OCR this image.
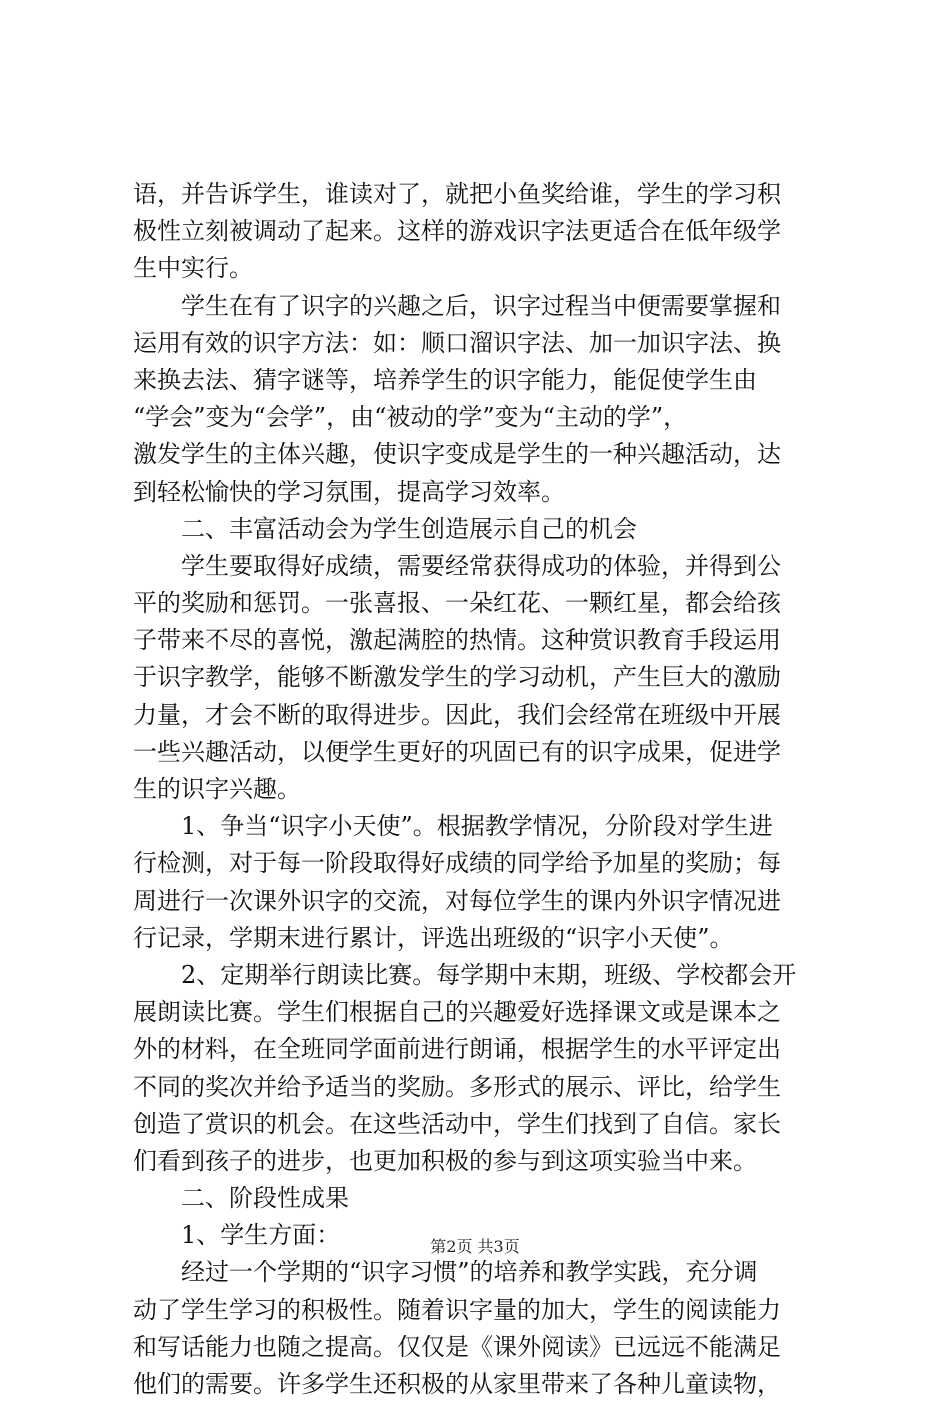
语，并告诉学生，谁读对了，就把小鱼奖给谁，学生的学习积
极性立刻被调动了起来。这样的游戏识字法更适合在低年级学
生中实行。
学生在有了识字的兴趣之后，识字过程当中便需要掌握和
运用有效的识字方法：如：顺口溜识字法、加一加识字法、换
来换去法、猜字谜等，培养学生的识字能力，能促使学生由
“学会”变为“会学”，由“被动的学”变为“主动的学”，
激发学生的主体兴趣，使识字变成是学生的一种兴趣活动，达
到轻松愉快的学习氛围，提高学习效率。
二、丰富活动会为学生创造展示自己的机会
学生要取得好成绩，需要经常获得成功的体验，并得到公
平的奖励和惩罚。一张喜报、一朵红花、一颗红星，都会给孩
子带来不尽的喜悦，激起满腔的热情。这种赏识教育手段运用
于识字教学，能够不断激发学生的学习动机，产生巨大的激励
力量，才会不断的取得进步。因此，我们会经常在班级中开展
一些兴趣活动，以便学生更好的巩固已有的识字成果，促进学
生的识字兴趣。
1、争当“识字小天使”。根据教学情况，分阶段对学生进
行检测，对于每一阶段取得好成绩的同学给予加星的奖励；每
周进行一次课外识字的交流，对每位学生的课内外识字情况进
行记录，学期末进行累计，评选出班级的“识字小天使”。
2、定期举行朗读比赛。每学期中末期，班级、学校都会开
展朗读比赛。学生们根据自己的兴趣爱好选择课文或是课本之
外的材料，在全班同学面前进行朗诵，根据学生的水平评定出
不同的奖次并给予适当的奖励。多形式的展示、评比，给学生
创造了赏识的机会。在这些活动中，学生们找到了自信。家长
们看到孩子的进步，也更加积极的参与到这项实验当中来。
二、阶段性成果
1、学生方面：
经过一个学期的“识字习惯”的培养和教学实践，充分调
动了学生学习的积极性。随着识字量的加大，学生的阅读能力
和写话能力也随之提高。仅仅是《课外阅读》已远远不能满足
他们的需要。许多学生还积极的从家里带来了各种儿童读物，
第2页 共3页
